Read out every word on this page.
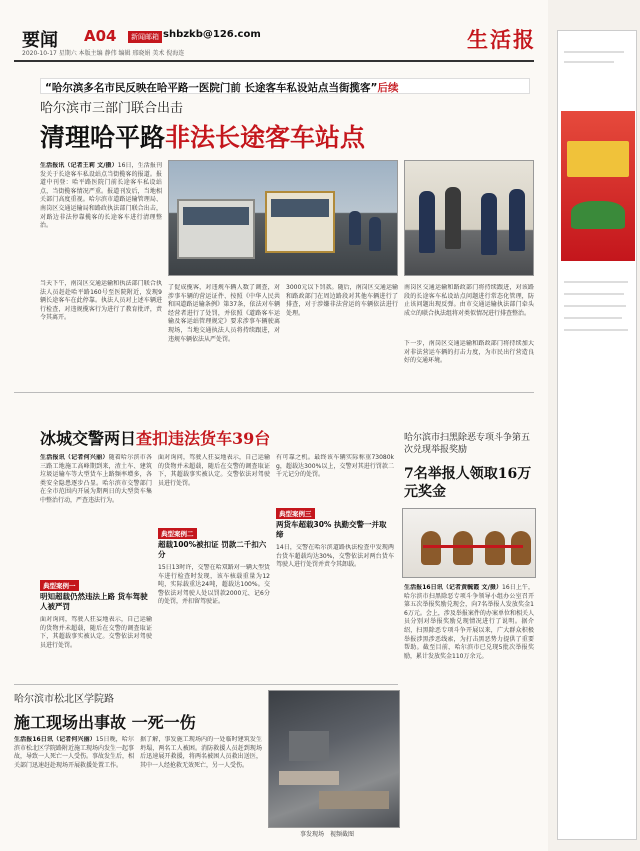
要闻 A04	新闻邮箱 shbzkb@126.com	生活报
2020-10-17 星期六 本版主编 静伟 编辑 邢晓娟 美术 倪海连
“哈尔滨多名市民反映在哈平路一医院门前 长途客车私设站点当街揽客”后续
哈尔滨市三部门联合出击
清理哈平路非法长途客车站点
生活报讯（记者王莉 文/摄）16日，生活报刊发关于长途客车私设站点当街揽客的报道。报道中刊登：哈平路医院门前长途客车私设站点，当街揽客情况严重。报道刊发后，当地相关部门高度重视。哈尔滨市道路运输管理局、南岗区交通运输局和路政执法部门联合出击，对路边非法停靠揽客的长途客车进行清理整治。
当天下午，南岗区交通运输和执法部门联合执法人员赶赴哈平路160号至医院附近，发现9辆长途客车在此停靠。执法人员对上述车辆进行检查，对违规揽客行为进行了教育批评，责令其离开。
了促成揽客，对违规车辆人数了调查，对涉事车辆的营运证件、按照《中华人民共和国道路运输条例》第37条，依法对车辆经营者进行了处罚，并依照《道路客车运输及客运站管理规定》要求涉事车辆驶离现场，当地交通执法人员将持续跟进，对违规车辆依法从严处罚。
3000元以下罚款。随后，南岗区交通运输和路政部门在周边路段对其他车辆进行了排查，对于涉嫌非法营运的车辆依法进行处理。
南岗区交通运输和路政部门将持续跟进，对该路段的长途客车私设站点问题进行常态化管理，防止该问题出现反弹。由市交通运输执法部门牵头成立的联合执法组将对类似情况进行排查整治。
下一步，南岗区交通运输和路政部门将持续加大对非法营运车辆的打击力度，为市民出行营造良好的交通环境。
冰城交警两日查扣违法货车39台
生活报讯（记者何兴丽）随着哈尔滨市各三路工地施工高峰期到来，渣土车、建筑垃圾运输车等大型货车上路频率增多，各类安全隐患逐步凸显。哈尔滨市交警部门在全市范围内开展为期两日的大型货车集中整治行动，严查违法行为。
典型案例一
明知超载仍然违法上路 货车驾驶人被严罚
面对询问，驾驶人狂妄地表示，自己运输的货物并未超载，随后在交警的调查取证下，其超载事实被认定。交警依法对驾驶员进行处罚。
面对询问，驾驶人狂妄地表示，自己运输的货物并未超载，随后在交警的调查取证下，其超载事实被认定。交警依法对驾驶员进行处罚。
典型案例二
超载100%被扣证 罚款二千扣六分
15日13时许，交警在哈双路对一辆大型货车进行检查时发现，该车核载重量为12吨，实际载重达24吨，超载达100%。交警依法对驾驶人处以罚款2000元、记6分的处罚，并扣留驾驶证。
有可靠之机。最终该车辆实际称重73080kg，超载达300%以上，交警对其进行罚款二千元记分的处罚。
典型案例三
两货车超载30% 执勤交警一并取缔
14日，交警在哈尔滨道路执法检查中发现两台货车超载均达30%，交警依法对两台货车驾驶人进行处罚并责令其卸载。
哈尔滨市扫黑除恶专项斗争第五次兑现举报奖励
7名举报人领取16万元奖金
生活报16日讯（记者黄毓霞 文/摄）16日上午，哈尔滨市扫黑除恶专项斗争领导小组办公室召开第五次举报奖励兑现会，向7名举报人发放奖金16万元。会上，涉及举报案件的办案单位和相关人员分别对举报奖励兑现情况进行了说明。据介绍，扫黑除恶专项斗争开展以来，广大群众积极举报涉黑涉恶线索，为打击黑恶势力提供了重要帮助。截至目前，哈尔滨市已兑现5批次举报奖励，累计发放奖金110万余元。
哈尔滨市松北区学院路
施工现场出事故 一死一伤
生活报16日讯（记者何兴丽）15日晚，哈尔滨市松北区学院路附近施工现场内发生一起事故，导致一人死亡一人受伤。事故发生后，相关部门迅速赶赴现场开展救援处置工作。
据了解，事发施工现场内的一处临时建筑发生坍塌，两名工人被困。消防救援人员赶到现场后迅速展开救援，将两名被困人员救出送医，其中一人经抢救无效死亡，另一人受伤。
事发现场　视频截图
